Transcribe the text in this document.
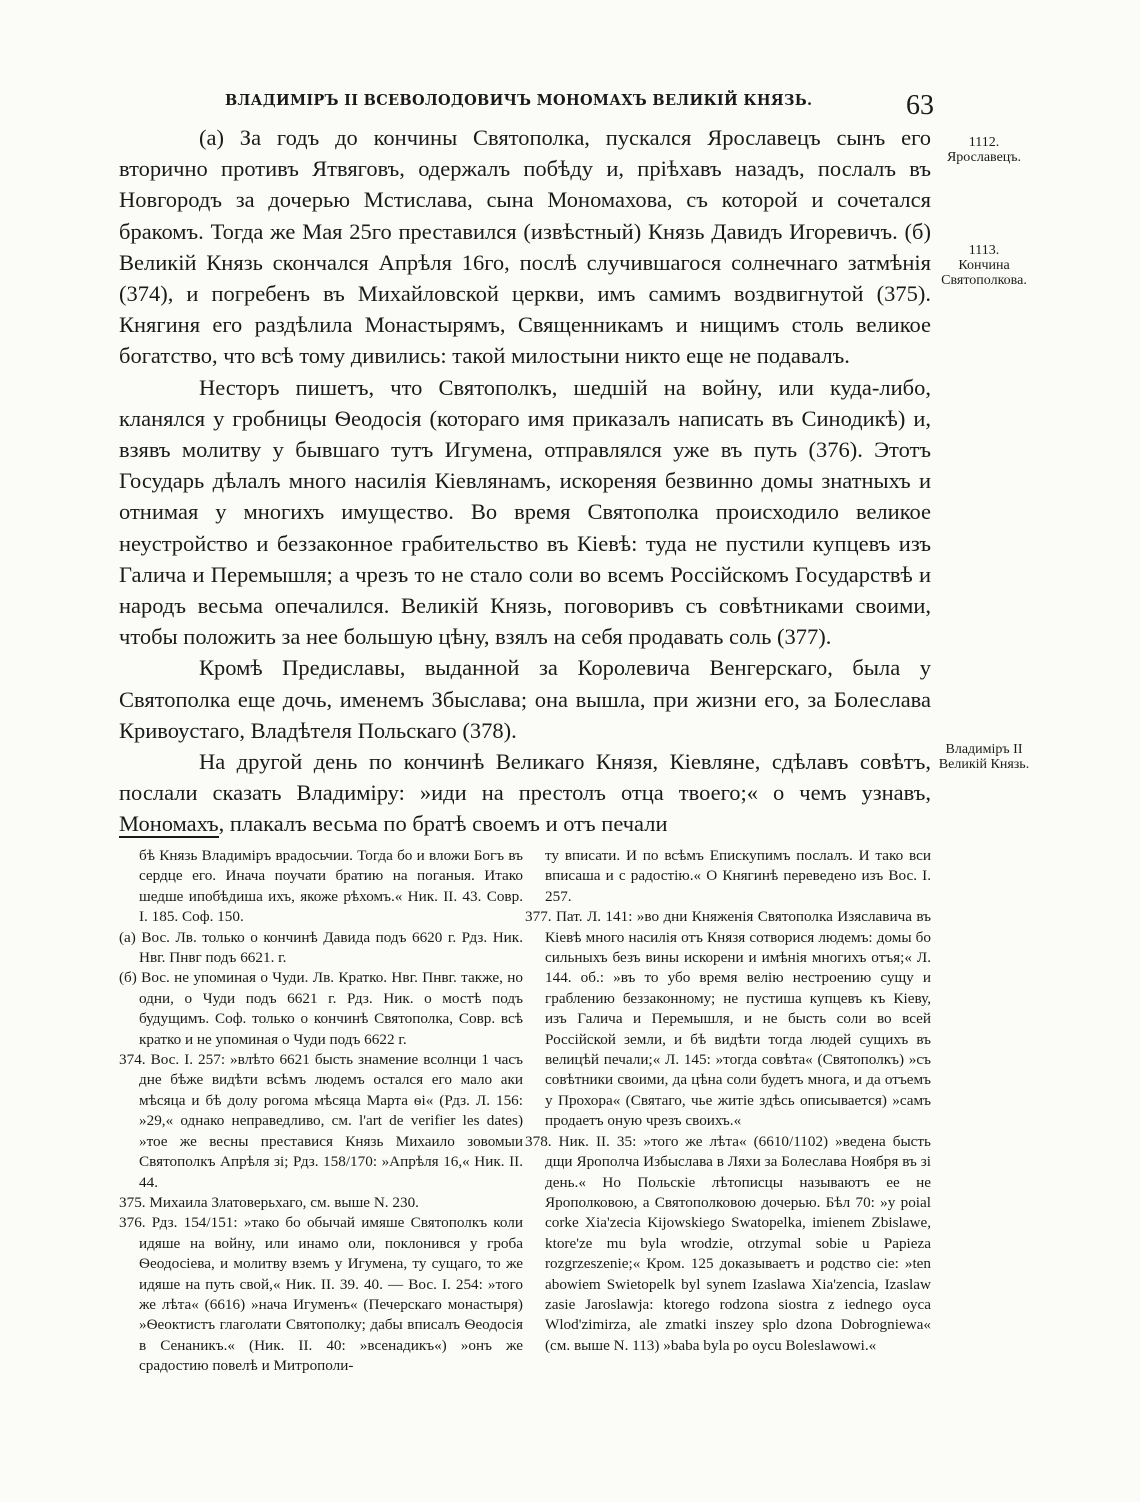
ВЛАДИМІРЪ II ВСЕВОЛОДОВИЧЪ МОНОМАХЪ ВЕЛИКІЙ КНЯЗЬ.	63
1112.
Ярославецъ.
1113.
Кончина Святополкова.
Владиміръ II Великій Князь.

(а) За годъ до кончины Святополка, пускался Ярославецъ сынъ его вторично противъ Ятвяговъ, одержалъ побѣду и, пріѣхавъ назадъ, послалъ въ Новгородъ за дочерью Мстислава, сына Мономахова, съ которой и сочетался бракомъ. Тогда же Мая 25го преставился (извѣстный) Князь Давидъ Игоревичъ. (б) Великій Князь скончался Апрѣля 16го, послѣ случившагося солнечнаго затмѣнія (374), и погребенъ въ Михайловской церкви, имъ самимъ воздвигнутой (375). Княгиня его раздѣлила Монастырямъ, Священникамъ и нищимъ столь великое богатство, что всѣ тому дивились: такой милостыни никто еще не подавалъ.

Несторъ пишетъ, что Святополкъ, шедшій на войну, или куда-либо, кланялся у гробницы Ѳеодосія (котораго имя приказалъ написать въ Синодикѣ) и, взявъ молитву у бывшаго тутъ Игумена, отправлялся уже въ путь (376). Этотъ Государь дѣлалъ много насилія Кіевлянамъ, искореняя безвинно домы знатныхъ и отнимая у многихъ имущество. Во время Святополка происходило великое неустройство и беззаконное грабительство въ Кіевѣ: туда не пустили купцевъ изъ Галича и Перемышля; а чрезъ то не стало соли во всемъ Россійскомъ Государствѣ и народъ весьма опечалился. Великій Князь, поговоривъ съ совѣтниками своими, чтобы положить за нее большую цѣну, взялъ на себя продавать соль (377).

Кромѣ Предиславы, выданной за Королевича Венгерскаго, была у Святополка еще дочь, именемъ Збыслава; она вышла, при жизни его, за Болеслава Кривоустаго, Владѣтеля Польскаго (378).

На другой день по кончинѣ Великаго Князя, Кіевляне, сдѣлавъ совѣтъ, послали сказать Владиміру: »иди на престолъ отца твоего;« о чемъ узнавъ, Мономахъ, плакалъ весьма по братѣ своемъ и отъ печали

бѣ Князь Владиміръ врадосьчии. Тогда бо и вложи Богъ въ сердце его. Инача поучати братию на поганыя. Итако шедше ипобѣдиша ихъ, якоже рѣхомъ.« Ник. II. 43. Сoвр. I. 185. Соф. 150.

(а) Вос. Лв. только о кончинѣ Давида подъ 6620 г. Рдз. Ник. Нвг. Пнвг подъ 6621. г.

(б) Вос. не упоминая о Чуди. Лв. Кратко. Нвг. Пнвг. также, но одни, о Чуди подъ 6621 г. Рдз. Ник. о мостѣ подъ будущимъ. Соф. только о кончинѣ Святополка, Совр. всѣ кратко и не упоминая о Чуди подъ 6622 г.

374. Вос. I. 257: »влѣто 6621 бысть знамение всолнци 1 часъ дне бѣже видѣти всѣмъ людемъ остался его мало аки мѣсяца и бѣ долу рогома мѣсяца Марта ѳі« (Рдз. Л. 156: »29,« однако неправедливо, см. l'art de verifier les dates) »тое же весны преставися Князь Михаило зовомыи Святополкъ Апрѣля зі; Рдз. 158/170: »Апрѣля 16,« Ник. II. 44.

375. Михаила Златоверьхаго, см. выше N. 230.

376. Рдз. 154/151: »тако бо обычай имяше Святополкъ коли идяше на войну, или инамо оли, поклонився у гроба Ѳеодосіева, и молитву вземъ у Игумена, ту сущаго, то же идяше на путь свой,« Ник. II. 39. 40. — Вос. I. 254: »того же лѣта« (6616) »нача Игуменъ« (Печерскаго монастыря) »Ѳеоктистъ глаголати Святополку; дабы вписалъ Ѳеодосія в Сенаникъ.« (Ник. II. 40: »всенадикъ«) »онъ же срадостию повелѣ и Митрополи-

ту вписати. И по всѣмъ Епискупимъ послалъ. И тако вси вписаша и с радостію.« О Княгинѣ переведено изъ Вос. I. 257.

377. Пат. Л. 141: »во дни Княженія Святополка Изяславича въ Кіевѣ много насилія отъ Князя сотворися людемъ: домы бо сильныхъ безъ вины искорени и имѣнія многихъ отъя;« Л. 144. об.: »въ то убо время велію нестроению сущу и граблению беззаконному; не пустиша купцевъ къ Кіеву, изъ Галича и Перемышля, и не бысть соли во всей Россійской земли, и бѣ видѣти тогда людей сущихъ въ велицѣй печали;« Л. 145: »тогда совѣта« (Святополкъ) »съ совѣтники своими, да цѣна соли будетъ многа, и да отъемъ у Прохора« (Святаго, чье житіе здѣсь описывается) »самъ продаетъ оную чрезъ своихъ.«

378. Ник. II. 35: »того же лѣта« (6610/1102) »ведена бысть дщи Ярополча Избыслава в Ляхи за Болеслава Ноября въ зі день.« Но Польскіе лѣтописцы называютъ ее не Ярополковою, а Святополковою дочерью. Бѣл 70: »y poial corke Xia'zecia Kijowskiego Swatopelka, imienem Zbislawe, ktore'ze mu byla wrodzie, otrzymal sobie u Papieza rozgrzeszenie;« Кром. 125 доказываетъ и родство сіе: »ten abowiem Swietopelk byl synem Izaslawa Xia'zencia, Izaslaw zasie Jaroslawja: ktorego rodzona siostra z iednego oyca Wlod'zimirza, ale zmatki inszey splo dzona Dobrogniewa« (см. выше N. 113) »baba byla po oycu Boleslawowi.«
